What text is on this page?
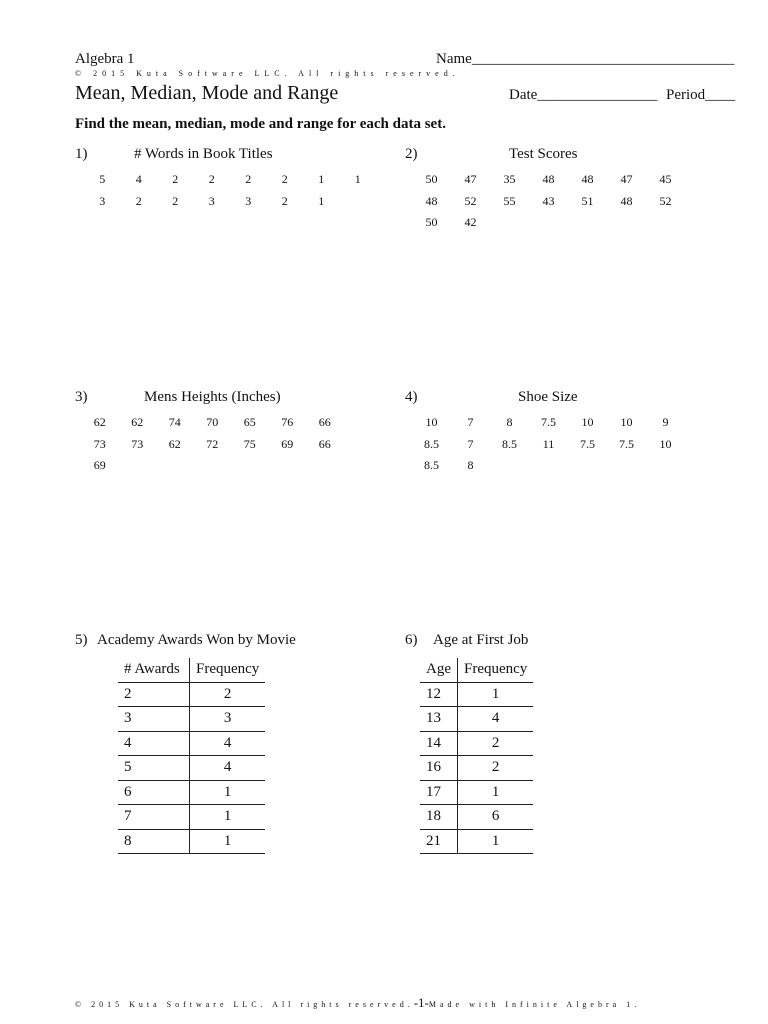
Algebra 1	Name___________________________________
© 2015 Kuta Software LLC. All rights reserved.
Mean, Median, Mode and Range	Date________________ Period____
Find the mean, median, mode and range for each data set.
1)	# Words in Book Titles
5	4	2	2	2	2	1	1
3	2	2	3	3	2	1
2)	Test Scores
50	47	35	48	48	47	45
48	52	55	43	51	48	52
50	42
3)	Mens Heights (Inches)
62	62	74	70	65	76	66
73	73	62	72	75	69	66
69
4)	Shoe Size
10	7	8	7.5	10	10	9
8.5	7	8.5	11	7.5	7.5	10
8.5	8
5) Academy Awards Won by Movie
# Awards	Frequency
2	2
3	3
4	4
5	4
6	1
7	1
8	1
6) Age at First Job
Age	Frequency
12	1
13	4
14	2
16	2
17	1
18	6
21	1
© 2015 Kuta Software LLC. All rights reserved.-1-Made with Infinite Algebra 1.
